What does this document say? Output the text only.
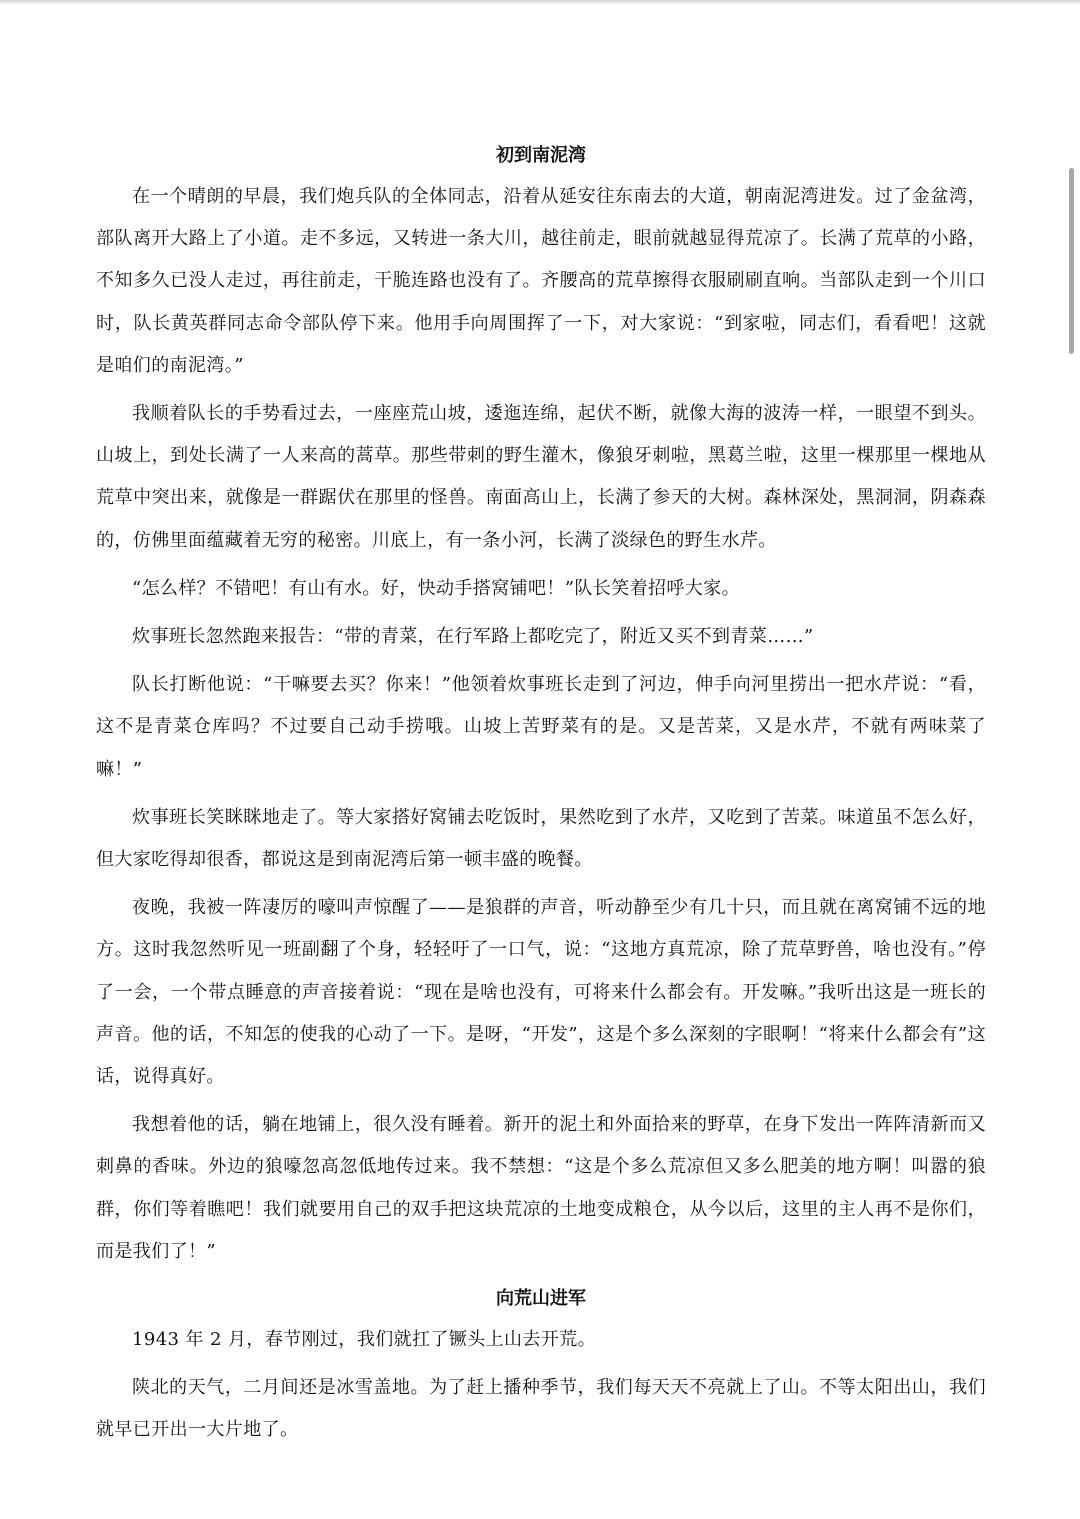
初到南泥湾

在一个晴朗的早晨，我们炮兵队的全体同志，沿着从延安往东南去的大道，朝南泥湾进发。过了金盆湾，部队离开大路上了小道。走不多远，又转进一条大川，越往前走，眼前就越显得荒凉了。长满了荒草的小路，不知多久已没人走过，再往前走，干脆连路也没有了。齐腰高的荒草擦得衣服刷刷直响。当部队走到一个川口时，队长黄英群同志命令部队停下来。他用手向周围挥了一下，对大家说：“到家啦，同志们，看看吧！这就是咱们的南泥湾。”

我顺着队长的手势看过去，一座座荒山坡，逶迤连绵，起伏不断，就像大海的波涛一样，一眼望不到头。山坡上，到处长满了一人来高的蒿草。那些带刺的野生灌木，像狼牙刺啦，黑葛兰啦，这里一棵那里一棵地从荒草中突出来，就像是一群踞伏在那里的怪兽。南面高山上，长满了参天的大树。森林深处，黑洞洞，阴森森的，仿佛里面蕴藏着无穷的秘密。川底上，有一条小河，长满了淡绿色的野生水芹。

“怎么样？不错吧！有山有水。好，快动手搭窝铺吧！”队长笑着招呼大家。

炊事班长忽然跑来报告：“带的青菜，在行军路上都吃完了，附近又买不到青菜……”

队长打断他说：“干嘛要去买？你来！”他领着炊事班长走到了河边，伸手向河里捞出一把水芹说：“看，这不是青菜仓库吗？不过要自己动手捞哦。山坡上苦野菜有的是。又是苦菜，又是水芹，不就有两味菜了嘛！”

炊事班长笑眯眯地走了。等大家搭好窝铺去吃饭时，果然吃到了水芹，又吃到了苦菜。味道虽不怎么好，但大家吃得却很香，都说这是到南泥湾后第一顿丰盛的晚餐。

夜晚，我被一阵凄厉的嚎叫声惊醒了——是狼群的声音，听动静至少有几十只，而且就在离窝铺不远的地方。这时我忽然听见一班副翻了个身，轻轻吁了一口气，说：“这地方真荒凉，除了荒草野兽，啥也没有。”停了一会，一个带点睡意的声音接着说：“现在是啥也没有，可将来什么都会有。开发嘛。”我听出这是一班长的声音。他的话，不知怎的使我的心动了一下。是呀，“开发”，这是个多么深刻的字眼啊！“将来什么都会有”这话，说得真好。

我想着他的话，躺在地铺上，很久没有睡着。新开的泥土和外面拾来的野草，在身下发出一阵阵清新而又刺鼻的香味。外边的狼嚎忽高忽低地传过来。我不禁想：“这是个多么荒凉但又多么肥美的地方啊！叫嚣的狼群，你们等着瞧吧！我们就要用自己的双手把这块荒凉的土地变成粮仓，从今以后，这里的主人再不是你们，而是我们了！”

向荒山进军

1943 年 2 月，春节刚过，我们就扛了镢头上山去开荒。

陕北的天气，二月间还是冰雪盖地。为了赶上播种季节，我们每天天不亮就上了山。不等太阳出山，我们就早已开出一大片地了。
